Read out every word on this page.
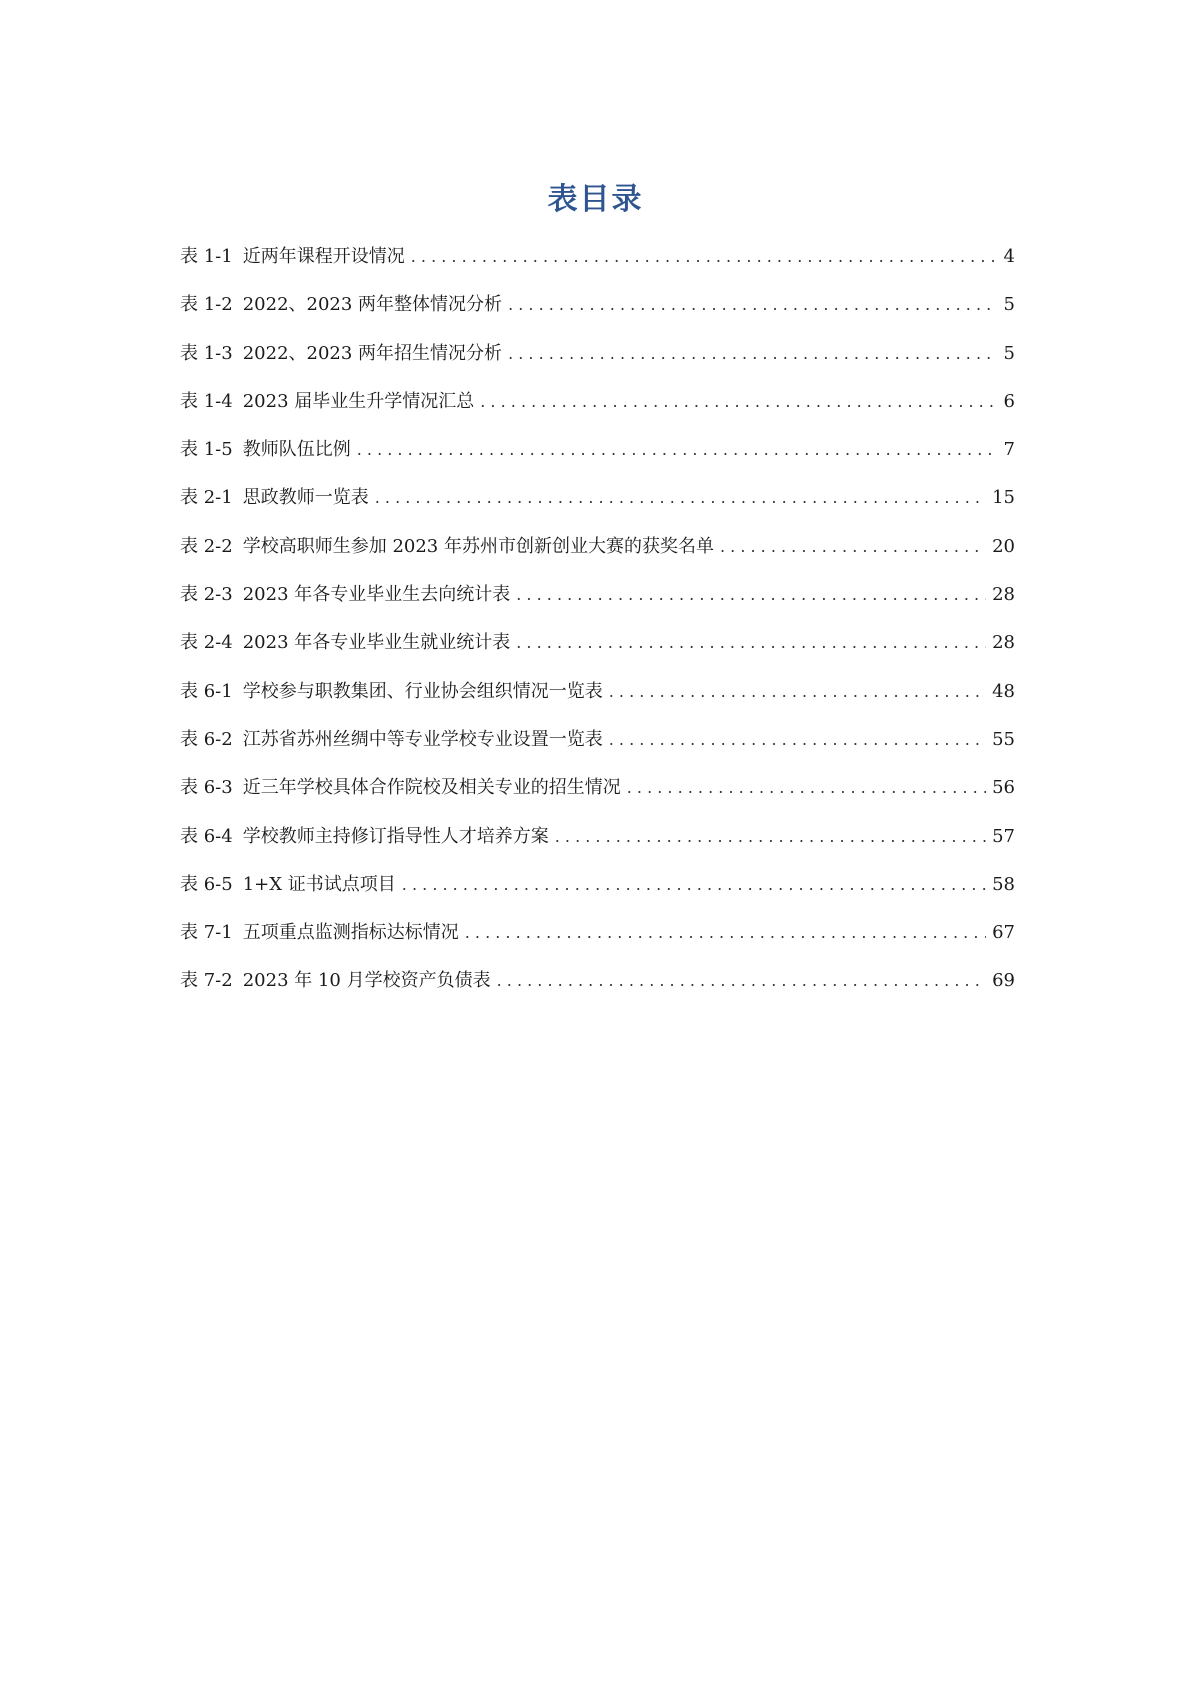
表目录
表 1-1 近两年课程开设情况 . . .	4
表 1-2 2022、2023 两年整体情况分析 . . .	5
表 1-3 2022、2023 两年招生情况分析 . . .	5
表 1-4 2023 届毕业生升学情况汇总 . . .	6
表 1-5 教师队伍比例 . . .	7
表 2-1 思政教师一览表 . . .	15
表 2-2 学校高职师生参加 2023 年苏州市创新创业大赛的获奖名单 . . .	20
表 2-3 2023 年各专业毕业生去向统计表 . . .	28
表 2-4 2023 年各专业毕业生就业统计表 . . .	28
表 6-1 学校参与职教集团、行业协会组织情况一览表 . . .	48
表 6-2 江苏省苏州丝绸中等专业学校专业设置一览表 . . .	55
表 6-3 近三年学校具体合作院校及相关专业的招生情况 . . .	56
表 6-4 学校教师主持修订指导性人才培养方案 . . .	57
表 6-5 1+X 证书试点项目 . . .	58
表 7-1 五项重点监测指标达标情况 . . .	67
表 7-2 2023 年 10 月学校资产负债表 . . .	69
